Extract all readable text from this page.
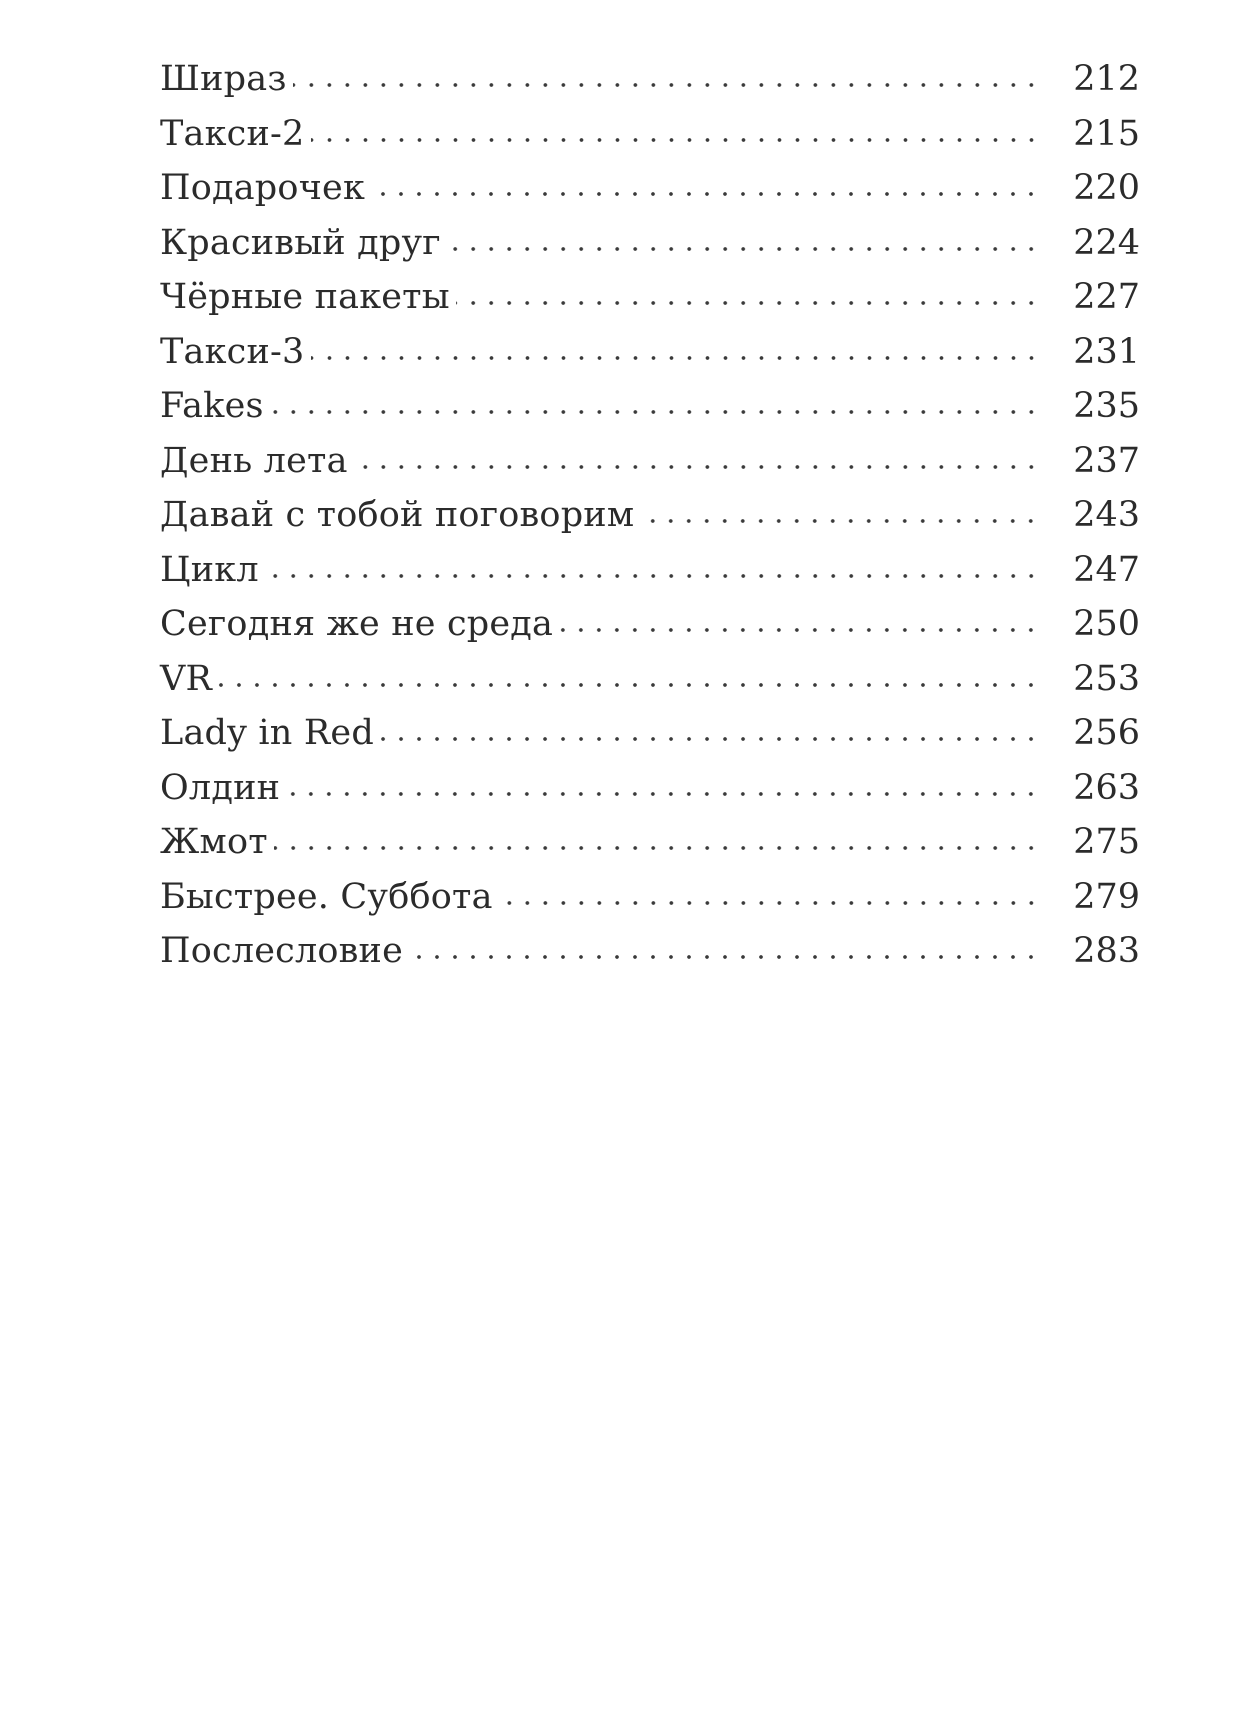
Шираз	212
Такси-2	215
Подарочек	220
Красивый друг	224
Чёрные пакеты	227
Такси-3	231
Fakes	235
День лета	237
Давай с тобой поговорим	243
Цикл	247
Сегодня же не среда	250
VR	253
Lady in Red	256
Олдин	263
Жмот	275
Быстрее. Суббота	279
Послесловие	283
